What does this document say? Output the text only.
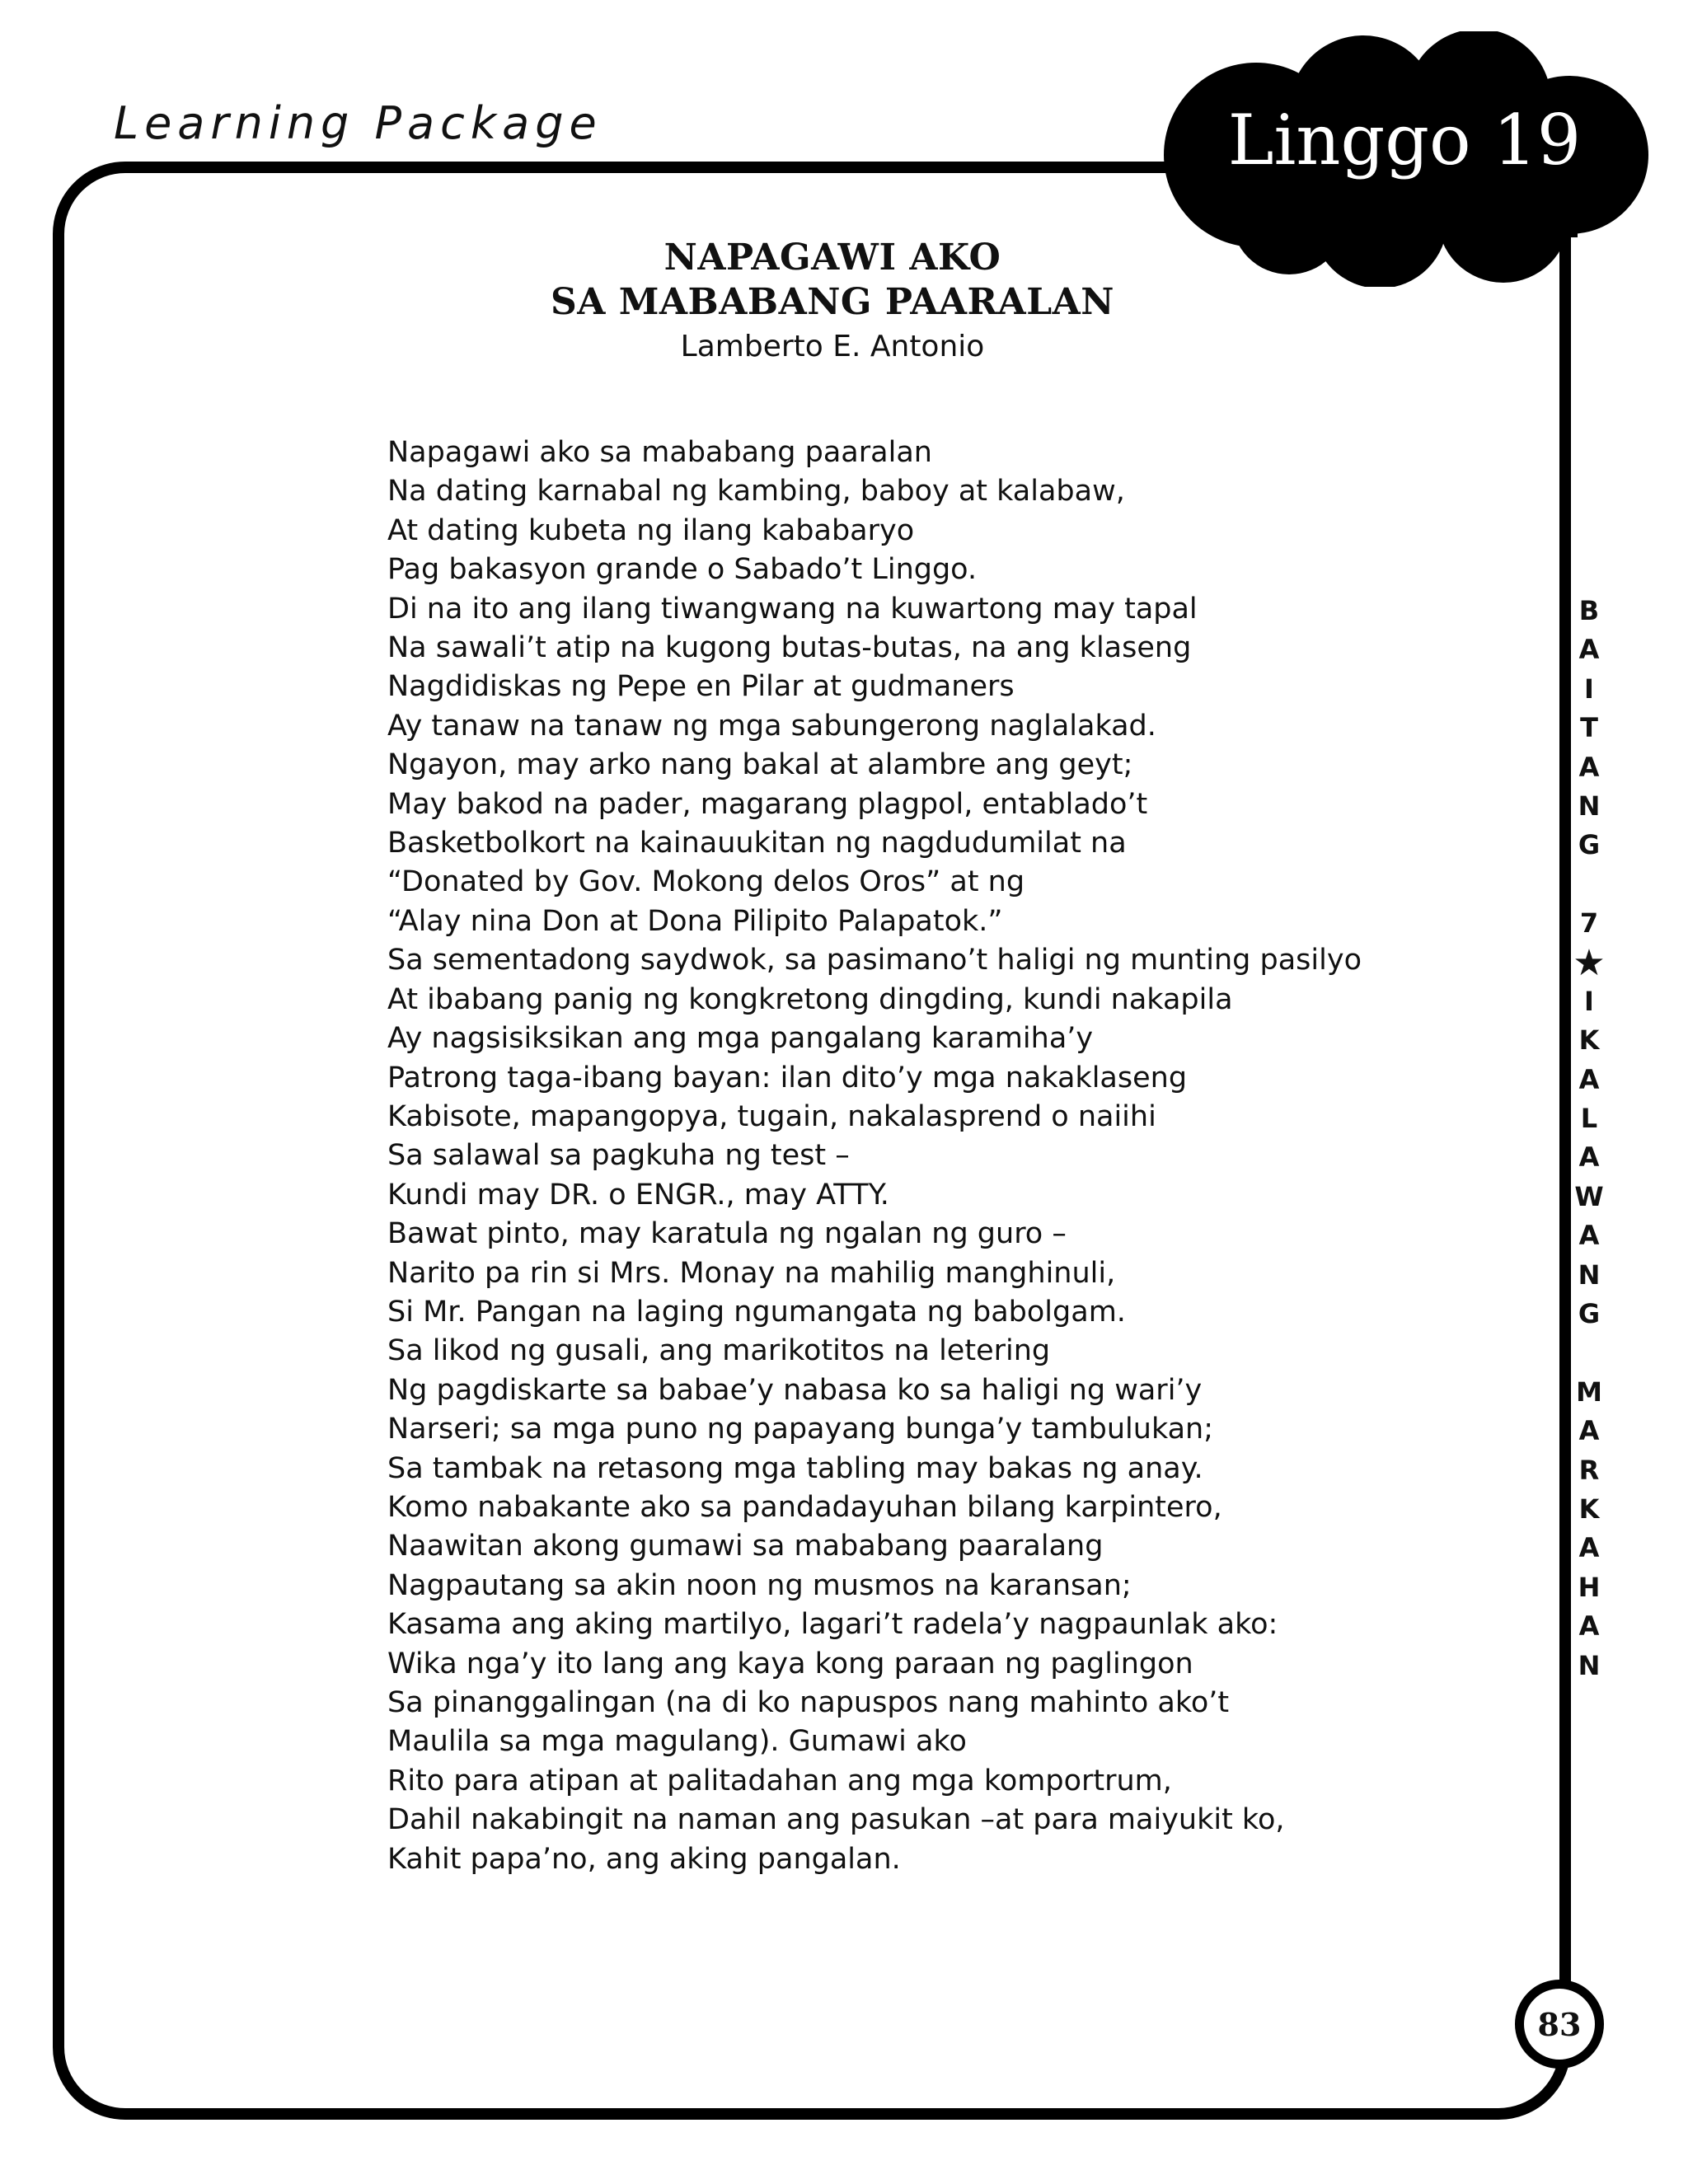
Learning Package	Linggo 19
NAPAGAWI AKO
SA MABABANG PAARALAN
Lamberto E. Antonio
Napagawi ako sa mababang paaralan
Na dating karnabal ng kambing, baboy at kalabaw,
At dating kubeta ng ilang kababaryo
Pag bakasyon grande o Sabado’t Linggo.
Di na ito ang ilang tiwangwang na kuwartong may tapal
Na sawali’t atip na kugong butas-butas, na ang klaseng
Nagdidiskas ng Pepe en Pilar at gudmaners
Ay tanaw na tanaw ng mga sabungerong naglalakad.
Ngayon, may arko nang bakal at alambre ang geyt;
May bakod na pader, magarang plagpol, entablado’t
Basketbolkort na kainauukitan ng nagdudumilat na
“Donated by Gov. Mokong delos Oros” at ng
“Alay nina Don at Dona Pilipito Palapatok.”
Sa sementadong saydwok, sa pasimano’t haligi ng munting pasilyo
At ibabang panig ng kongkretong dingding, kundi nakapila
Ay nagsisiksikan ang mga pangalang karamiha’y
Patrong taga-ibang bayan: ilan dito’y mga nakaklaseng
Kabisote, mapangopya, tugain, nakalasprend o naiihi
Sa salawal sa pagkuha ng test –
Kundi may DR. o ENGR., may ATTY.
Bawat pinto, may karatula ng ngalan ng guro –
Narito pa rin si Mrs. Monay na mahilig manghinuli,
Si Mr. Pangan na laging ngumangata ng babolgam.
Sa likod ng gusali, ang marikotitos na letering
Ng pagdiskarte sa babae’y nabasa ko sa haligi ng wari’y
Narseri; sa mga puno ng papayang bunga’y tambulukan;
Sa tambak na retasong mga tabling may bakas ng anay.
Komo nabakante ako sa pandadayuhan bilang karpintero,
Naawitan akong gumawi sa mababang paaralang
Nagpautang sa akin noon ng musmos na karansan;
Kasama ang aking martilyo, lagari’t radela’y nagpaunlak ako:
Wika nga’y ito lang ang kaya kong paraan ng paglingon
Sa pinanggalingan (na di ko napuspos nang mahinto ako’t
Maulila sa mga magulang). Gumawi ako
Rito para atipan at palitadahan ang mga komportrum,
Dahil nakabingit na naman ang pasukan –at para maiyukit ko,
Kahit papa’no, ang aking pangalan.
B
A
I
T
A
N
G
7
★
I
K
A
L
A
W
A
N
G
M
A
R
K
A
H
A
N
83
